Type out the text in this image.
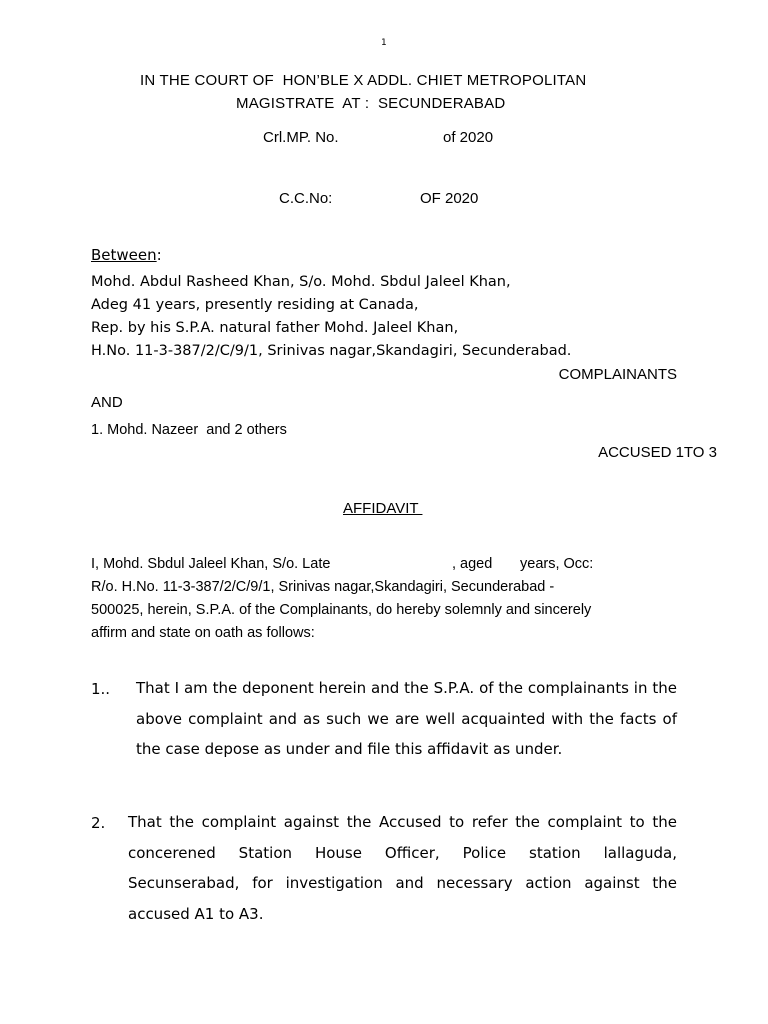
1
IN THE COURT OF  HON’BLE X ADDL. CHIET METROPOLITAN
MAGISTRATE  AT :  SECUNDERABAD
Crl.MP. No.	of 2020
C.C.No:	OF 2020
Between:
Mohd. Abdul Rasheed Khan, S/o. Mohd. Sbdul Jaleel Khan,
Adeg 41 years, presently residing at Canada,
Rep. by his S.P.A. natural father Mohd. Jaleel Khan,
H.No. 11-3-387/2/C/9/1, Srinivas nagar,Skandagiri, Secunderabad.
COMPLAINANTS
AND
1. Mohd. Nazeer  and 2 others
ACCUSED 1TO 3
AFFIDAVIT
I, Mohd. Sbdul Jaleel Khan, S/o. Late	, aged years, Occ:
R/o. H.No. 11-3-387/2/C/9/1, Srinivas nagar,Skandagiri, Secunderabad -
500025, herein, S.P.A. of the Complainants, do hereby solemnly and sincerely
affirm and state on oath as follows:
1.. That I am the deponent herein and the S.P.A. of the complainants in the above complaint and as such we are well acquainted with the facts of the case depose as under and file this affidavit as under.
2. That the complaint against the Accused to refer the complaint to the concerened Station House Officer, Police station lallaguda, Secunserabad, for investigation and necessary action against the accused A1 to A3.
